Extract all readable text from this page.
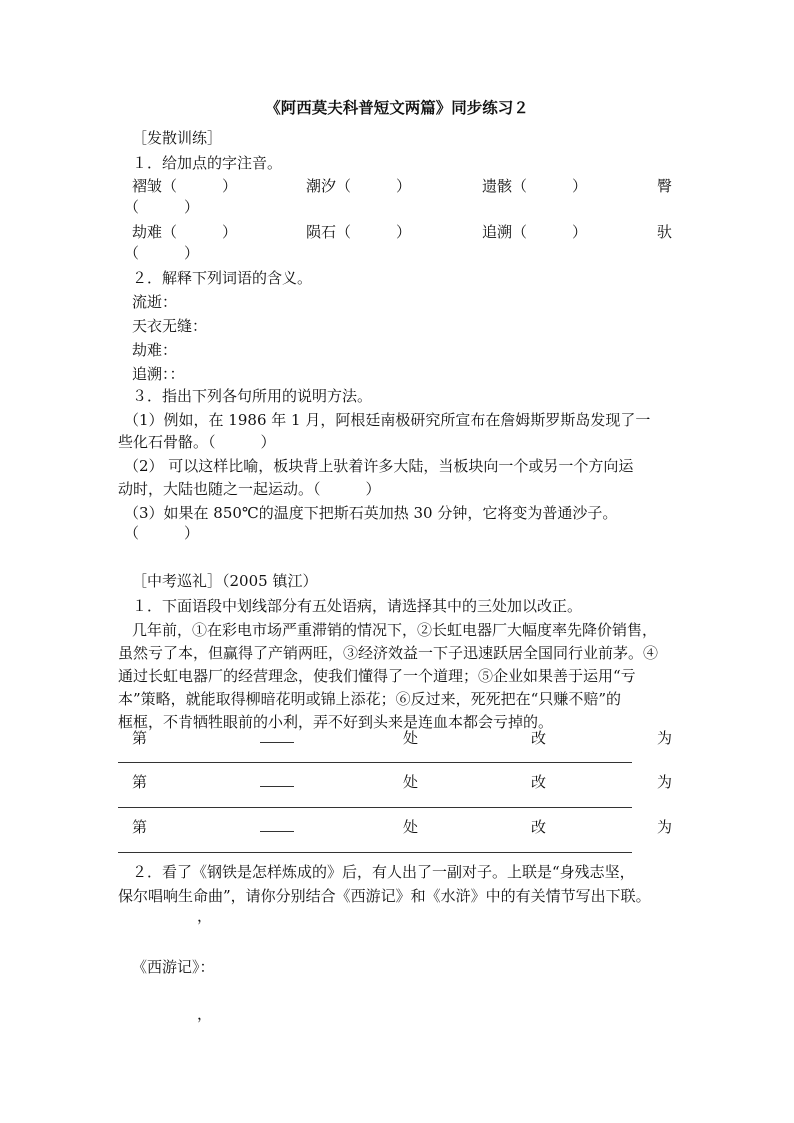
《阿西莫夫科普短文两篇》同步练习２
［发散训练］
１．给加点的字注音。
褶皱（　　　）	潮汐（　　　）	遗骸（　　　）	臀
（　　　）
劫难（　　　）	陨石（　　　）	追溯（　　　）	驮
（　　　）
２．解释下列词语的含义。
流逝：
天衣无缝：
劫难：
追溯：：
３．指出下列各句所用的说明方法。
（1）例如，在 1986 年 1 月，阿根廷南极研究所宣布在詹姆斯罗斯岛发现了一
些化石骨骼。（　　　）
（2） 可以这样比喻，板块背上驮着许多大陆，当板块向一个或另一个方向运
动时，大陆也随之一起运动。（　　　）
（3）如果在 850℃的温度下把斯石英加热 30 分钟，它将变为普通沙子。
（　　　）
［中考巡礼］（2005 镇江）
１．下面语段中划线部分有五处语病，请选择其中的三处加以改正。
几年前，①在彩电市场严重滞销的情况下，②长虹电器厂大幅度率先降价销售，
虽然亏了本，但赢得了产销两旺，③经济效益一下子迅速跃居全国同行业前茅。④
通过长虹电器厂的经营理念，使我们懂得了一个道理；⑤企业如果善于运用“亏
本”策略，就能取得柳暗花明或锦上添花；⑥反过来，死死把在“只赚不赔”的
框框，不肯牺牲眼前的小利，弄不好到头来是连血本都会亏掉的。
第	处	改	为
第	处	改	为
第	处	改	为
２．看了《钢铁是怎样炼成的》后，有人出了一副对子。上联是“身残志坚，
保尔唱响生命曲”，请你分别结合《西游记》和《水浒》中的有关情节写出下联。
，
《西游记》：
，
